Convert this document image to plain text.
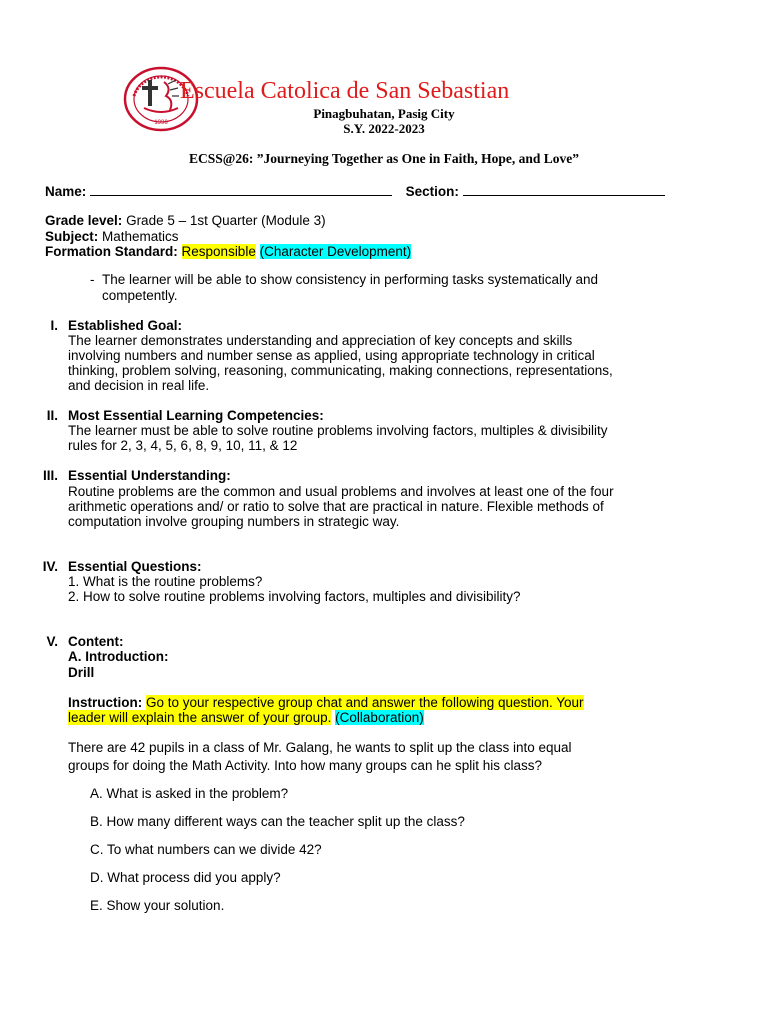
1996
Escuela Catolica de San Sebastian
Pinagbuhatan, Pasig City
S.Y. 2022-2023
ECSS@26: ”Journeying Together as One in Faith, Hope, and Love”
Name:	Section:
Grade level: Grade 5 – 1st Quarter (Module 3)
Subject: Mathematics
Formation Standard: Responsible (Character Development)
- The learner will be able to show consistency in performing tasks systematically and
competently.
I. Established Goal:
The learner demonstrates understanding and appreciation of key concepts and skills
involving numbers and number sense as applied, using appropriate technology in critical
thinking, problem solving, reasoning, communicating, making connections, representations,
and decision in real life.
II. Most Essential Learning Competencies:
The learner must be able to solve routine problems involving factors, multiples & divisibility
rules for 2, 3, 4, 5, 6, 8, 9, 10, 11, & 12
III. Essential Understanding:
Routine problems are the common and usual problems and involves at least one of the four
arithmetic operations and/ or ratio to solve that are practical in nature. Flexible methods of
computation involve grouping numbers in strategic way.
IV. Essential Questions:
1. What is the routine problems?
2. How to solve routine problems involving factors, multiples and divisibility?
V. Content:
A. Introduction:
Drill
Instruction: Go to your respective group chat and answer the following question. Your
leader will explain the answer of your group. (Collaboration)
There are 42 pupils in a class of Mr. Galang, he wants to split up the class into equal
groups for doing the Math Activity. Into how many groups can he split his class?
A. What is asked in the problem?
B. How many different ways can the teacher split up the class?
C. To what numbers can we divide 42?
D. What process did you apply?
E. Show your solution.
